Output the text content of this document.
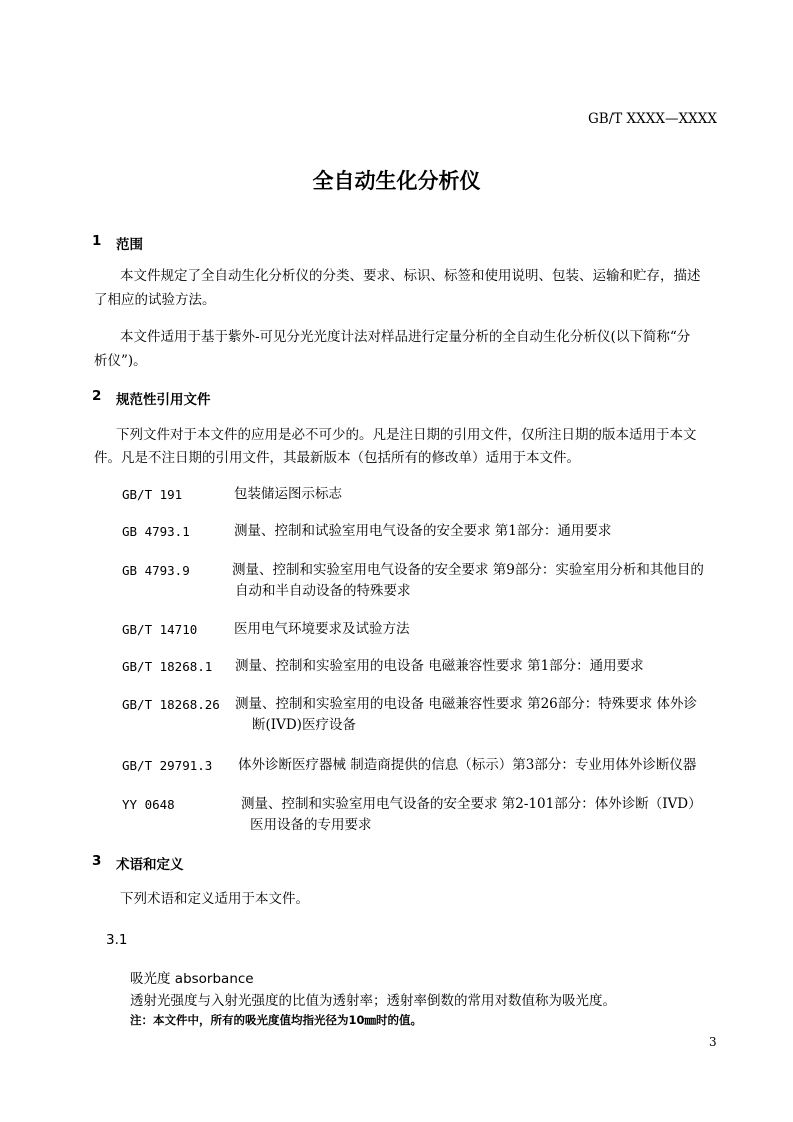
GB/T XXXX—XXXX
全自动生化分析仪
1 范围
本文件规定了全自动生化分析仪的分类、要求、标识、标签和使用说明、包装、运输和贮存，描述
了相应的试验方法。
本文件适用于基于紫外-可见分光光度计法对样品进行定量分析的全自动生化分析仪(以下简称“分
析仪”)。
2 规范性引用文件
下列文件对于本文件的应用是必不可少的。凡是注日期的引用文件，仅所注日期的版本适用于本文
件。凡是不注日期的引用文件，其最新版本（包括所有的修改单）适用于本文件。
GB/T 191	包装储运图示标志
GB 4793.1	测量、控制和试验室用电气设备的安全要求 第1部分：通用要求
GB 4793.9	测量、控制和实验室用电气设备的安全要求 第9部分：实验室用分析和其他目的
自动和半自动设备的特殊要求
GB/T 14710	医用电气环境要求及试验方法
GB/T 18268.1 测量、控制和实验室用的电设备 电磁兼容性要求 第1部分：通用要求
GB/T 18268.26 测量、控制和实验室用的电设备 电磁兼容性要求 第26部分：特殊要求 体外诊
断(IVD)医疗设备
GB/T 29791.3 体外诊断医疗器械 制造商提供的信息（标示）第3部分：专业用体外诊断仪器
YY 0648	测量、控制和实验室用电气设备的安全要求 第2-101部分：体外诊断（IVD）
医用设备的专用要求
3 术语和定义
下列术语和定义适用于本文件。
3.1
吸光度 absorbance
透射光强度与入射光强度的比值为透射率；透射率倒数的常用对数值称为吸光度。
注：本文件中，所有的吸光度值均指光径为10㎜时的值。
3
